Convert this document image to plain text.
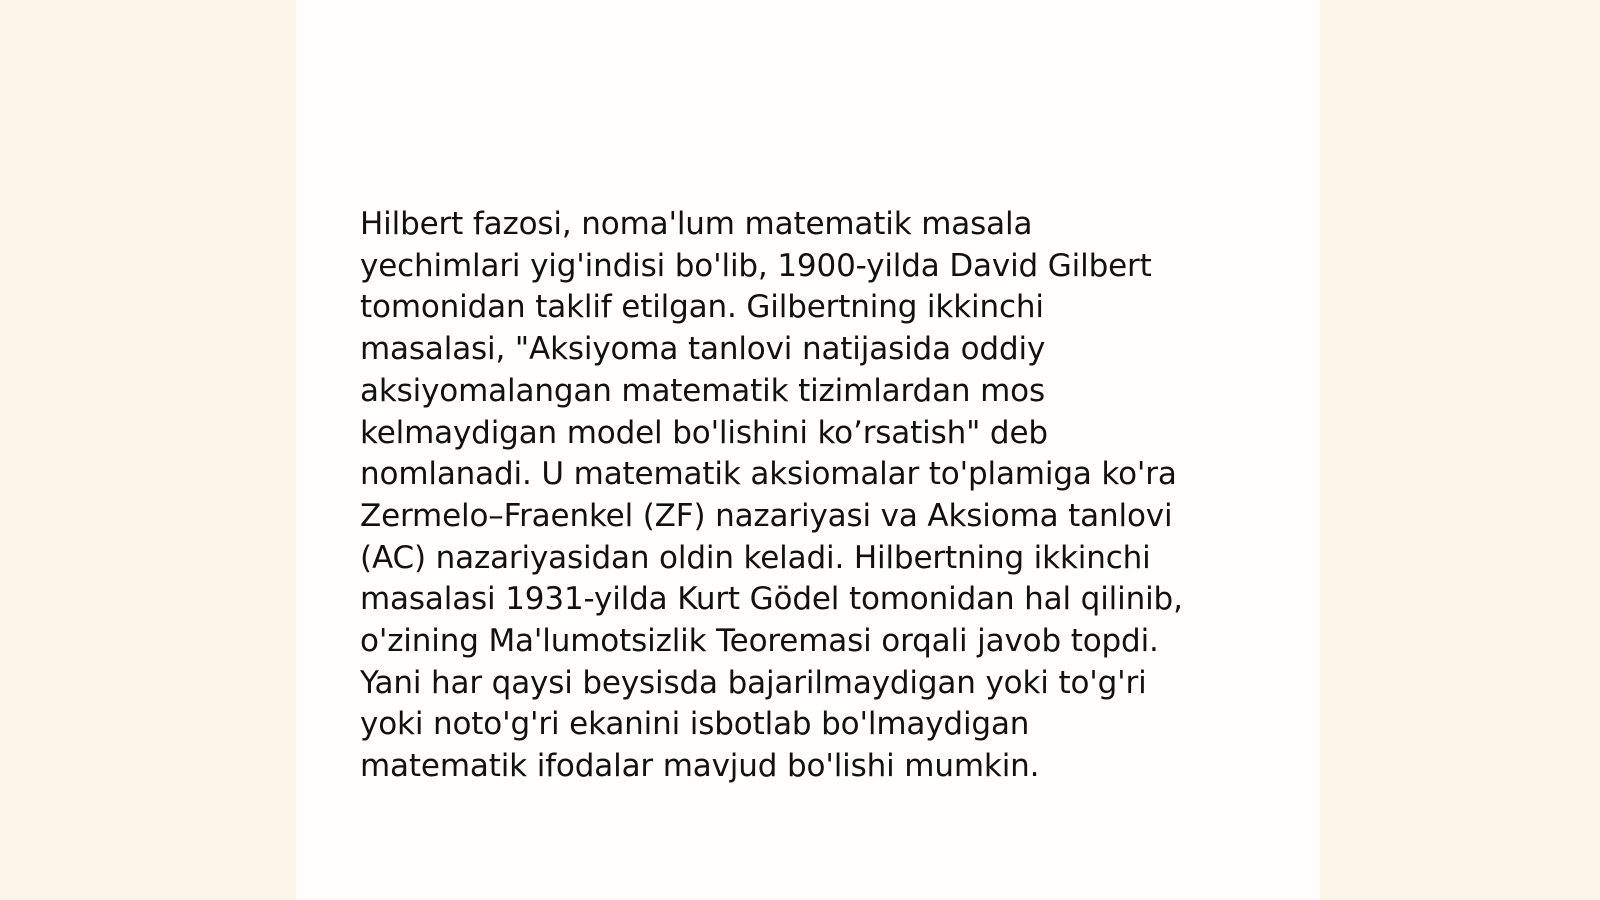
Hilbert fazosi, noma'lum matematik masala
yechimlari yig'indisi bo'lib, 1900-yilda David Gilbert
tomonidan taklif etilgan. Gilbertning ikkinchi
masalasi, "Aksiyoma tanlovi natijasida oddiy
aksiyomalangan matematik tizimlardan mos
kelmaydigan model bo'lishini ko’rsatish" deb
nomlanadi. U matematik aksiomalar to'plamiga ko'ra
Zermelo–Fraenkel (ZF) nazariyasi va Aksioma tanlovi
(AC) nazariyasidan oldin keladi. Hilbertning ikkinchi
masalasi 1931-yilda Kurt Gödel tomonidan hal qilinib,
o'zining Ma'lumotsizlik Teoremasi orqali javob topdi.
Yani har qaysi beysisda bajarilmaydigan yoki to'g'ri
yoki noto'g'ri ekanini isbotlab bo'lmaydigan
matematik ifodalar mavjud bo'lishi mumkin.
